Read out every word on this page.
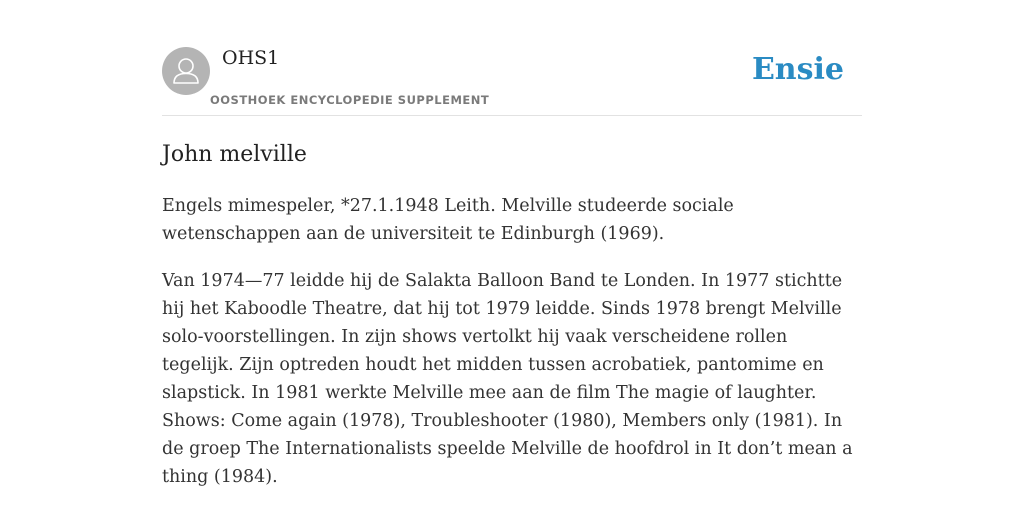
OHS1
OOSTHOEK ENCYCLOPEDIE SUPPLEMENT
Ensie
John melville

Engels mimespeler, *27.1.1948 Leith. Melville studeerde sociale wetenschappen aan de universiteit te Edinburgh (1969).

Van 1974—77 leidde hij de Salakta Balloon Band te Londen. In 1977 stichtte hij het Kaboodle Theatre, dat hij tot 1979 leidde. Sinds 1978 brengt Melville solo-voorstellingen. In zijn shows vertolkt hij vaak verscheidene rollen tegelijk. Zijn optreden houdt het midden tussen acrobatiek, pantomime en slapstick. In 1981 werkte Melville mee aan de film The magie of laughter. Shows: Come again (1978), Troubleshooter (1980), Members only (1981). In de groep The Internationalists speelde Melville de hoofdrol in It don’t mean a thing (1984).
